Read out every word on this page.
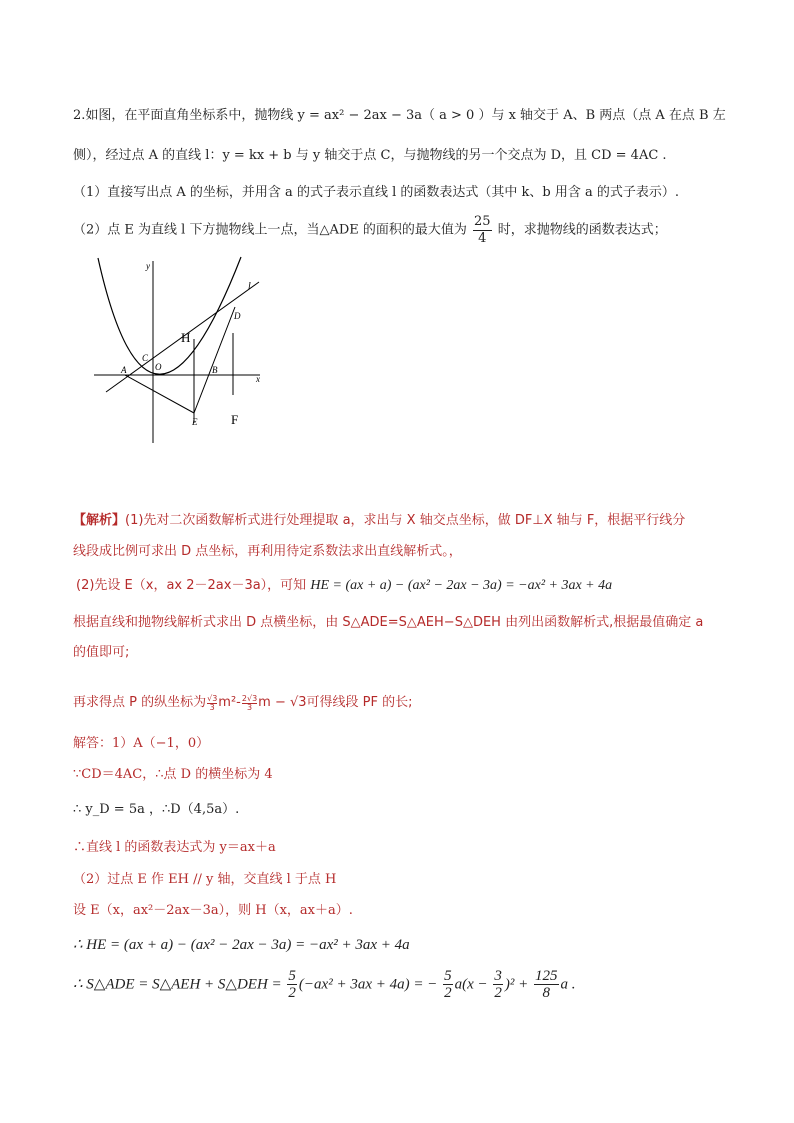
2.如图，在平面直角坐标系中，抛物线 y = ax² − 2ax − 3a（ a > 0 ）与 x 轴交于 A、B 两点（点 A 在点 B 左
侧），经过点 A 的直线 l：y = kx + b 与 y 轴交于点 C，与抛物线的另一个交点为 D，且 CD = 4AC .
（1）直接写出点 A 的坐标，并用含 a 的式子表示直线 l 的函数表达式（其中 k、b 用含 a 的式子表示）.
（2）点 E 为直线 l 下方抛物线上一点，当△ADE 的面积的最大值为 $\frac{25}{4}$ 时，求抛物线的函数表达式；
y
x
l
D
H
C
A	O	B
E	F
【解析】(1)先对二次函数解析式进行处理提取 a，求出与 X 轴交点坐标，做 DF⊥X 轴与 F，根据平行线分
线段成比例可求出 D 点坐标，再利用待定系数法求出直线解析式。，
(2)先设 E（x，ax 2－2ax－3a），可知 HE = (ax + a) − (ax² − 2ax − 3a) = −ax² + 3ax + 4a
根据直线和抛物线解析式求出 D 点横坐标，由 S△ADE=S△AEH−S△DEH 由列出函数解析式,根据最值确定 a
的值即可;
再求得点 P 的纵坐标为 $\frac{√3}{3} m^2- \frac{2√3}{3}$ m − √3可得线段 PF 的长;
解答：1）A（−1，0）
∵CD＝4AC，∴点 D 的横坐标为 4
∴ y_D = 5a ，∴D（4,5a）.
∴直线 l 的函数表达式为 y＝ax＋a
（2）过点 E 作 EH // y 轴，交直线 l 于点 H
设 E（x，ax²－2ax－3a），则 H（x，ax＋a）.
∴ HE = (ax + a) − (ax² − 2ax − 3a) = −ax² + 3ax + 4a
∴ S△ADE = S△AEH + S△DEH = $\frac{5}{2} (-ax^2 + 3ax + 4a)$ = − $\frac{5}{2} a(x - \frac{3}{2} )^2 + \frac{125}{8}$ a .
